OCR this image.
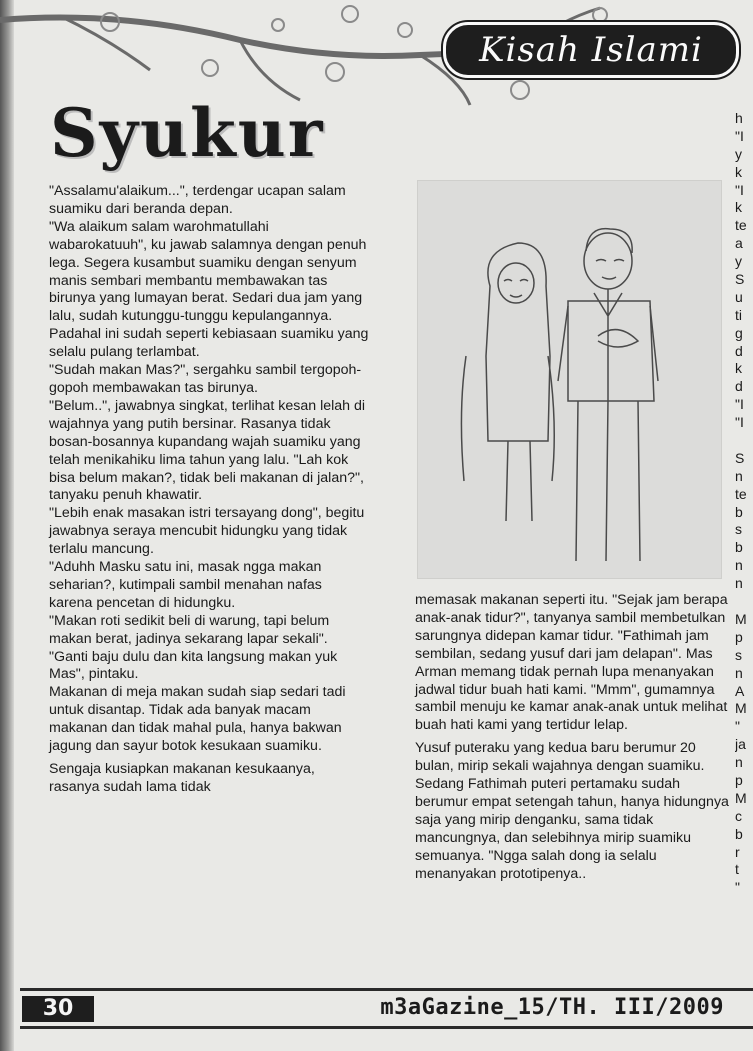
Kisah Islami
Syukur

"Assalamu'alaikum...", terdengar ucapan salam suamiku dari beranda depan.

"Wa alaikum salam warohmatullahi wabarokatuuh", ku jawab salamnya dengan penuh lega. Segera kusambut suamiku dengan senyum manis sembari membantu membawakan tas birunya yang lumayan berat. Sedari dua jam yang lalu, sudah kutunggu-tunggu kepulangannya. Padahal ini sudah seperti kebiasaan suamiku yang selalu pulang terlambat.

"Sudah makan Mas?", sergahku sambil tergopoh-gopoh membawakan tas birunya.

"Belum..", jawabnya singkat, terlihat kesan lelah di wajahnya yang putih bersinar. Rasanya tidak bosan-bosannya kupandang wajah suamiku yang telah menikahiku lima tahun yang lalu. "Lah kok bisa belum makan?, tidak beli makanan di jalan?", tanyaku penuh khawatir.

"Lebih enak masakan istri tersayang dong", begitu jawabnya seraya mencubit hidungku yang tidak terlalu mancung.

"Aduhh Masku satu ini, masak ngga makan seharian?, kutimpali sambil menahan nafas karena pencetan di hidungku.

"Makan roti sedikit beli di warung, tapi belum makan berat, jadinya sekarang lapar sekali".

"Ganti baju dulu dan kita langsung makan yuk Mas", pintaku.

Makanan di meja makan sudah siap sedari tadi untuk disantap. Tidak ada banyak macam makanan dan tidak mahal pula, hanya bakwan jagung dan sayur botok kesukaan suamiku.

Sengaja kusiapkan makanan kesukaanya, rasanya sudah lama tidak

memasak makanan seperti itu. "Sejak jam berapa anak-anak tidur?", tanyanya sambil membetulkan sarungnya didepan kamar tidur. "Fathimah jam sembilan, sedang yusuf dari jam delapan". Mas Arman memang tidak pernah lupa menanyakan jadwal tidur buah hati kami. "Mmm", gumamnya sambil menuju ke kamar anak-anak untuk melihat buah hati kami yang tertidur lelap.

Yusuf puteraku yang kedua baru berumur 20 bulan, mirip sekali wajahnya dengan suamiku. Sedang Fathimah puteri pertamaku sudah berumur empat setengah tahun, hanya hidungnya saja yang mirip denganku, sama tidak mancungnya, dan selebihnya mirip suamiku semuanya. "Ngga salah dong ia selalu menanyakan prototipenya..

h
"I
y
k
"I
k
te
a
y
S
u
ti
g
d
k
d
"I
"I
S
n
te
b
s
b
n
n
M
p
s
n
A
M
"
ja
n
p
M
c
b
r
t
"
30	m3aGazine_15/TH. III/2009
